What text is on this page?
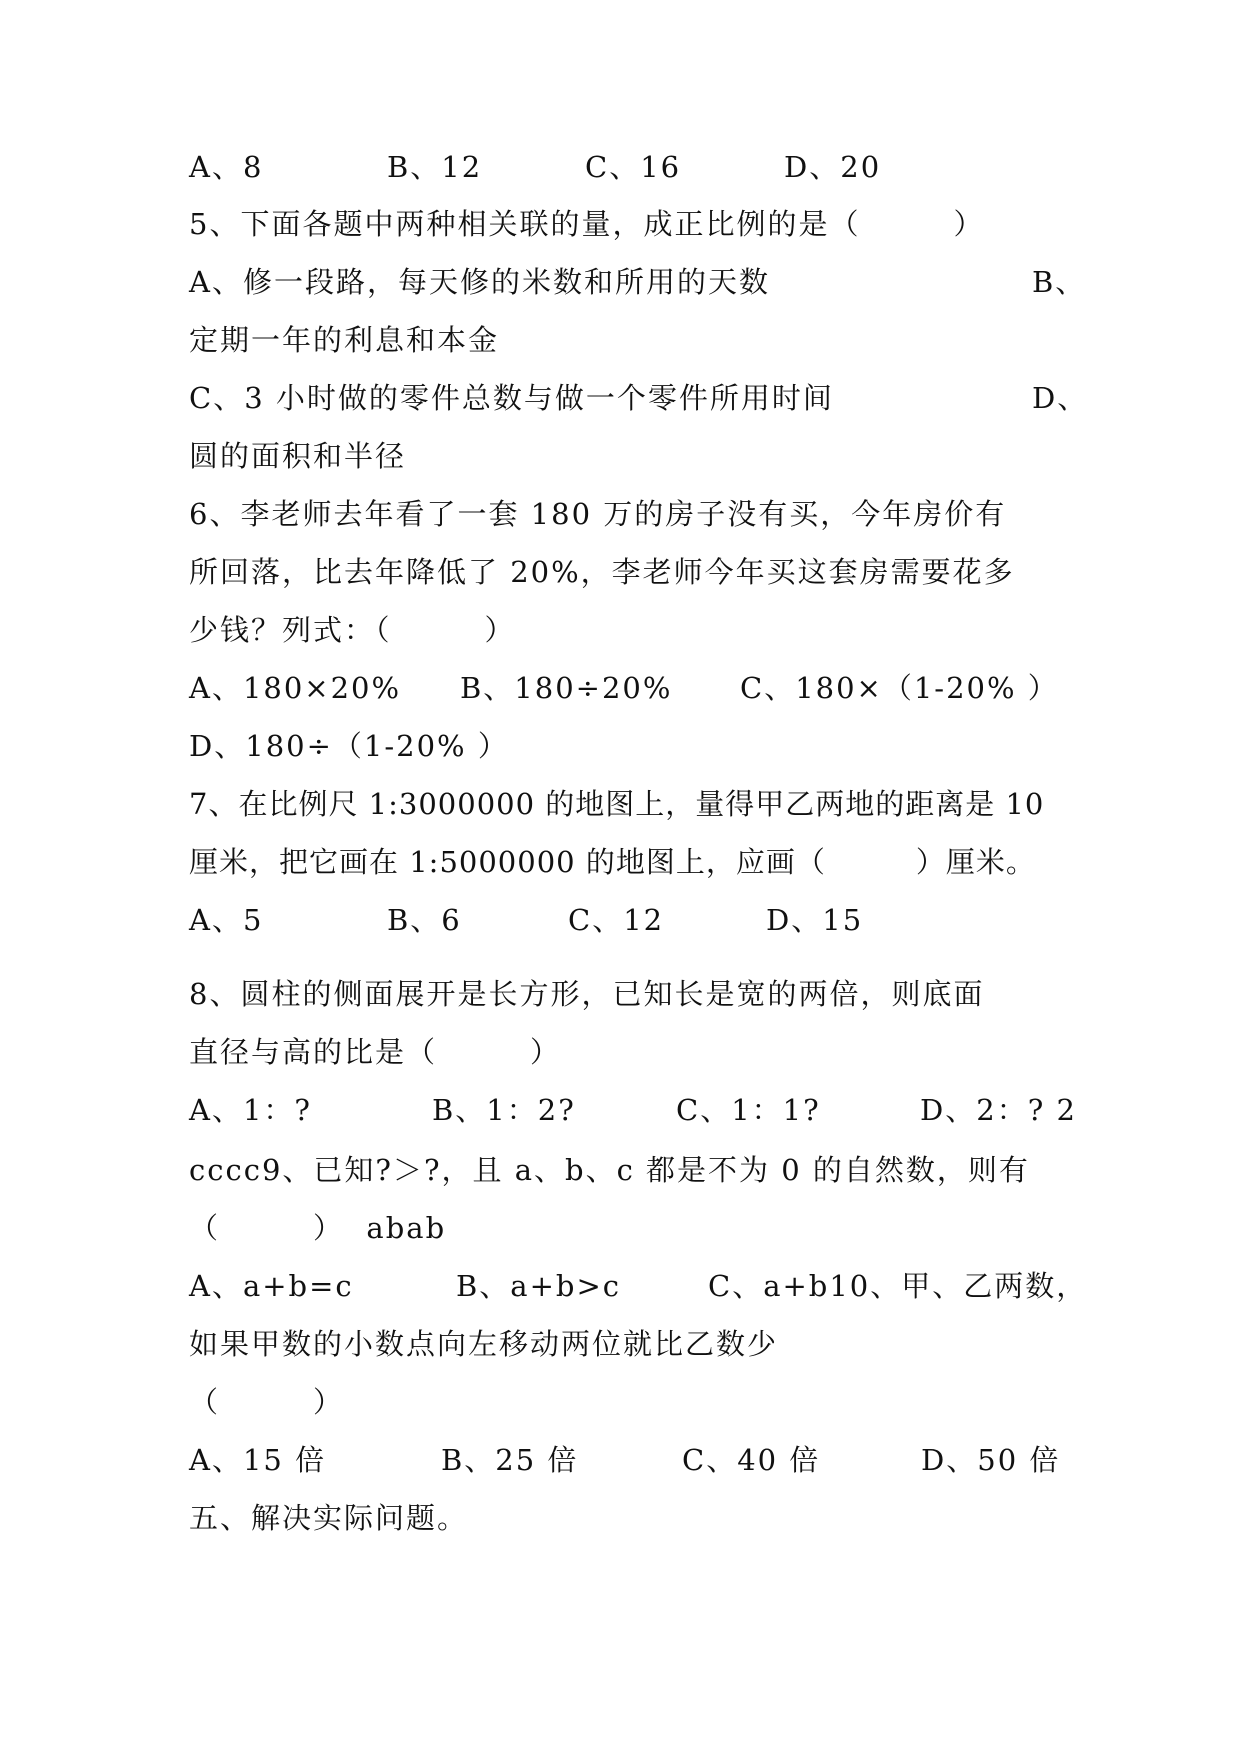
A、8	B、12	C、16	D、20
5、下面各题中两种相关联的量，成正比例的是（　　　）
A、修一段路，每天修的米数和所用的天数	B、
定期一年的利息和本金
C、3 小时做的零件总数与做一个零件所用时间	D、
圆的面积和半径
6、李老师去年看了一套 180 万的房子没有买，今年房价有
所回落，比去年降低了 20%，李老师今年买这套房需要花多
少钱？列式：（　　　）
A、180×20% B、180÷20% C、180×（1-20% ）
D、180÷（1-20% ）
7、在比例尺 1:3000000 的地图上，量得甲乙两地的距离是 10
厘米，把它画在 1:5000000 的地图上，应画（　　　）厘米。
A、5	B、6	C、12	D、15
8、圆柱的侧面展开是长方形，已知长是宽的两倍，则底面
直径与高的比是（　　　）
A、1：?	B、1：2?	C、1：1?	D、2：? 2
cccc9、已知?＞?，且 a、b、c 都是不为 0 的自然数，则有
（　　　）  abab
A、a+b=c	B、a+b>c	C、a+b10、甲、乙两数，
如果甲数的小数点向左移动两位就比乙数少
（　　　）
A、15 倍	B、25 倍	C、40 倍	D、50 倍
五、解决实际问题。
